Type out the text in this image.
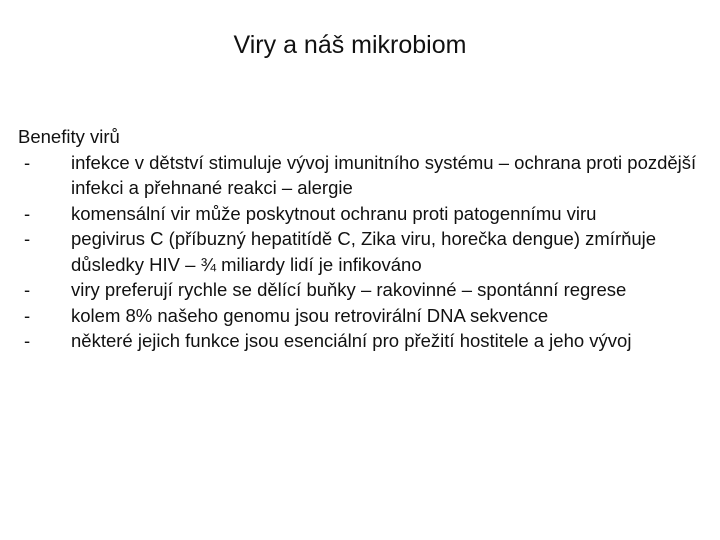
Viry a náš mikrobiom

Benefity virů

- infekce v dětství stimuluje vývoj imunitního systému – ochrana proti pozdější infekci a přehnané reakci – alergie
- komensální vir může poskytnout ochranu proti patogennímu viru
- pegivirus C (příbuzný hepatitídě C, Zika viru, horečka dengue) zmírňuje důsledky HIV – ¾ miliardy lidí je infikováno
- viry preferují rychle se dělící buňky – rakovinné – spontánní regrese
- kolem 8% našeho genomu jsou retrovirální DNA sekvence
- některé jejich funkce jsou esenciální pro přežití hostitele a jeho vývoj
